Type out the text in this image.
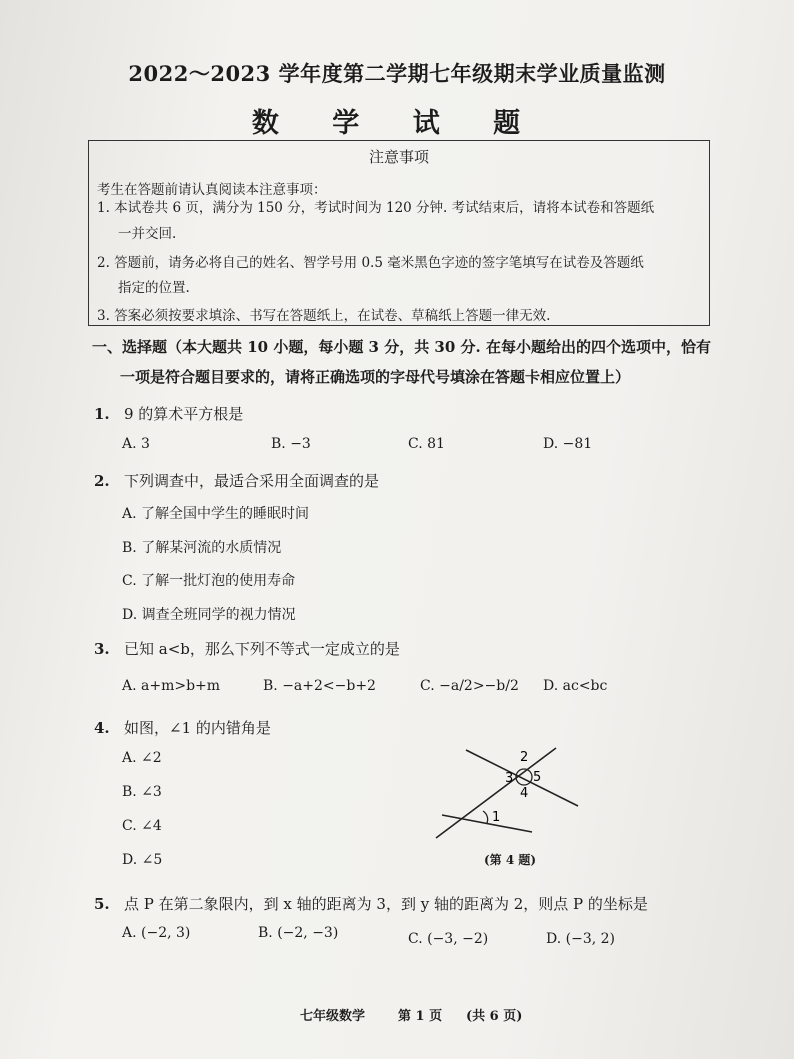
2022～2023 学年度第二学期七年级期末学业质量监测
数 学 试 题
注意事项
考生在答题前请认真阅读本注意事项：
1. 本试卷共 6 页，满分为 150 分，考试时间为 120 分钟. 考试结束后，请将本试卷和答题纸
一并交回.
2. 答题前，请务必将自己的姓名、智学号用 0.5 毫米黑色字迹的签字笔填写在试卷及答题纸
指定的位置.
3. 答案必须按要求填涂、书写在答题纸上，在试卷、草稿纸上答题一律无效.
一、选择题（本大题共 10 小题，每小题 3 分，共 30 分. 在每小题给出的四个选项中，恰有
一项是符合题目要求的，请将正确选项的字母代号填涂在答题卡相应位置上）
1. 9 的算术平方根是
A. 3	B. −3	C. 81	D. −81
2. 下列调查中，最适合采用全面调查的是
A. 了解全国中学生的睡眠时间
B. 了解某河流的水质情况
C. 了解一批灯泡的使用寿命
D. 调查全班同学的视力情况
3. 已知 a<b，那么下列不等式一定成立的是
A. a+m>b+m	B. −a+2<−b+2	C. −a/2>−b/2 D. ac<bc
4. 如图，∠1 的内错角是
A. ∠2
B. ∠3
C. ∠4
D. ∠5
1
2
3
4
5
(第 4 题)
5. 点 P 在第二象限内，到 x 轴的距离为 3，到 y 轴的距离为 2，则点 P 的坐标是
A. (−2, 3)	B. (−2, −3)	C. (−3, −2)	D. (−3, 2)
七年级数学	第 1 页 (共 6 页)
